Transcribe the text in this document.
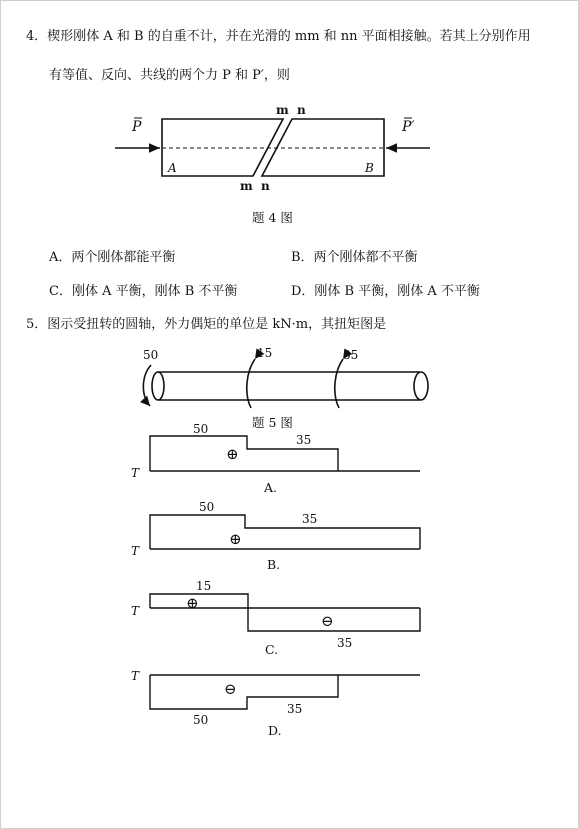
4．楔形刚体 A 和 B 的自重不计，并在光滑的 mm 和 nn 平面相接触。若其上分别作用
有等值、反向、共线的两个力 P 和 P′，则
P	P′
A	B
m  n
m  n
50	15	35
T
50
35
⊕
T
50
35
⊕
T
15
35
⊕
⊖
T
50
35
⊖
题 4 图
A．两个刚体都能平衡	B．两个刚体都不平衡
C．刚体 A 平衡，刚体 B 不平衡	D．刚体 B 平衡，刚体 A 不平衡
5．图示受扭转的圆轴，外力偶矩的单位是 kN·m，其扭矩图是
题 5 图
A.
B.
C.
D.
